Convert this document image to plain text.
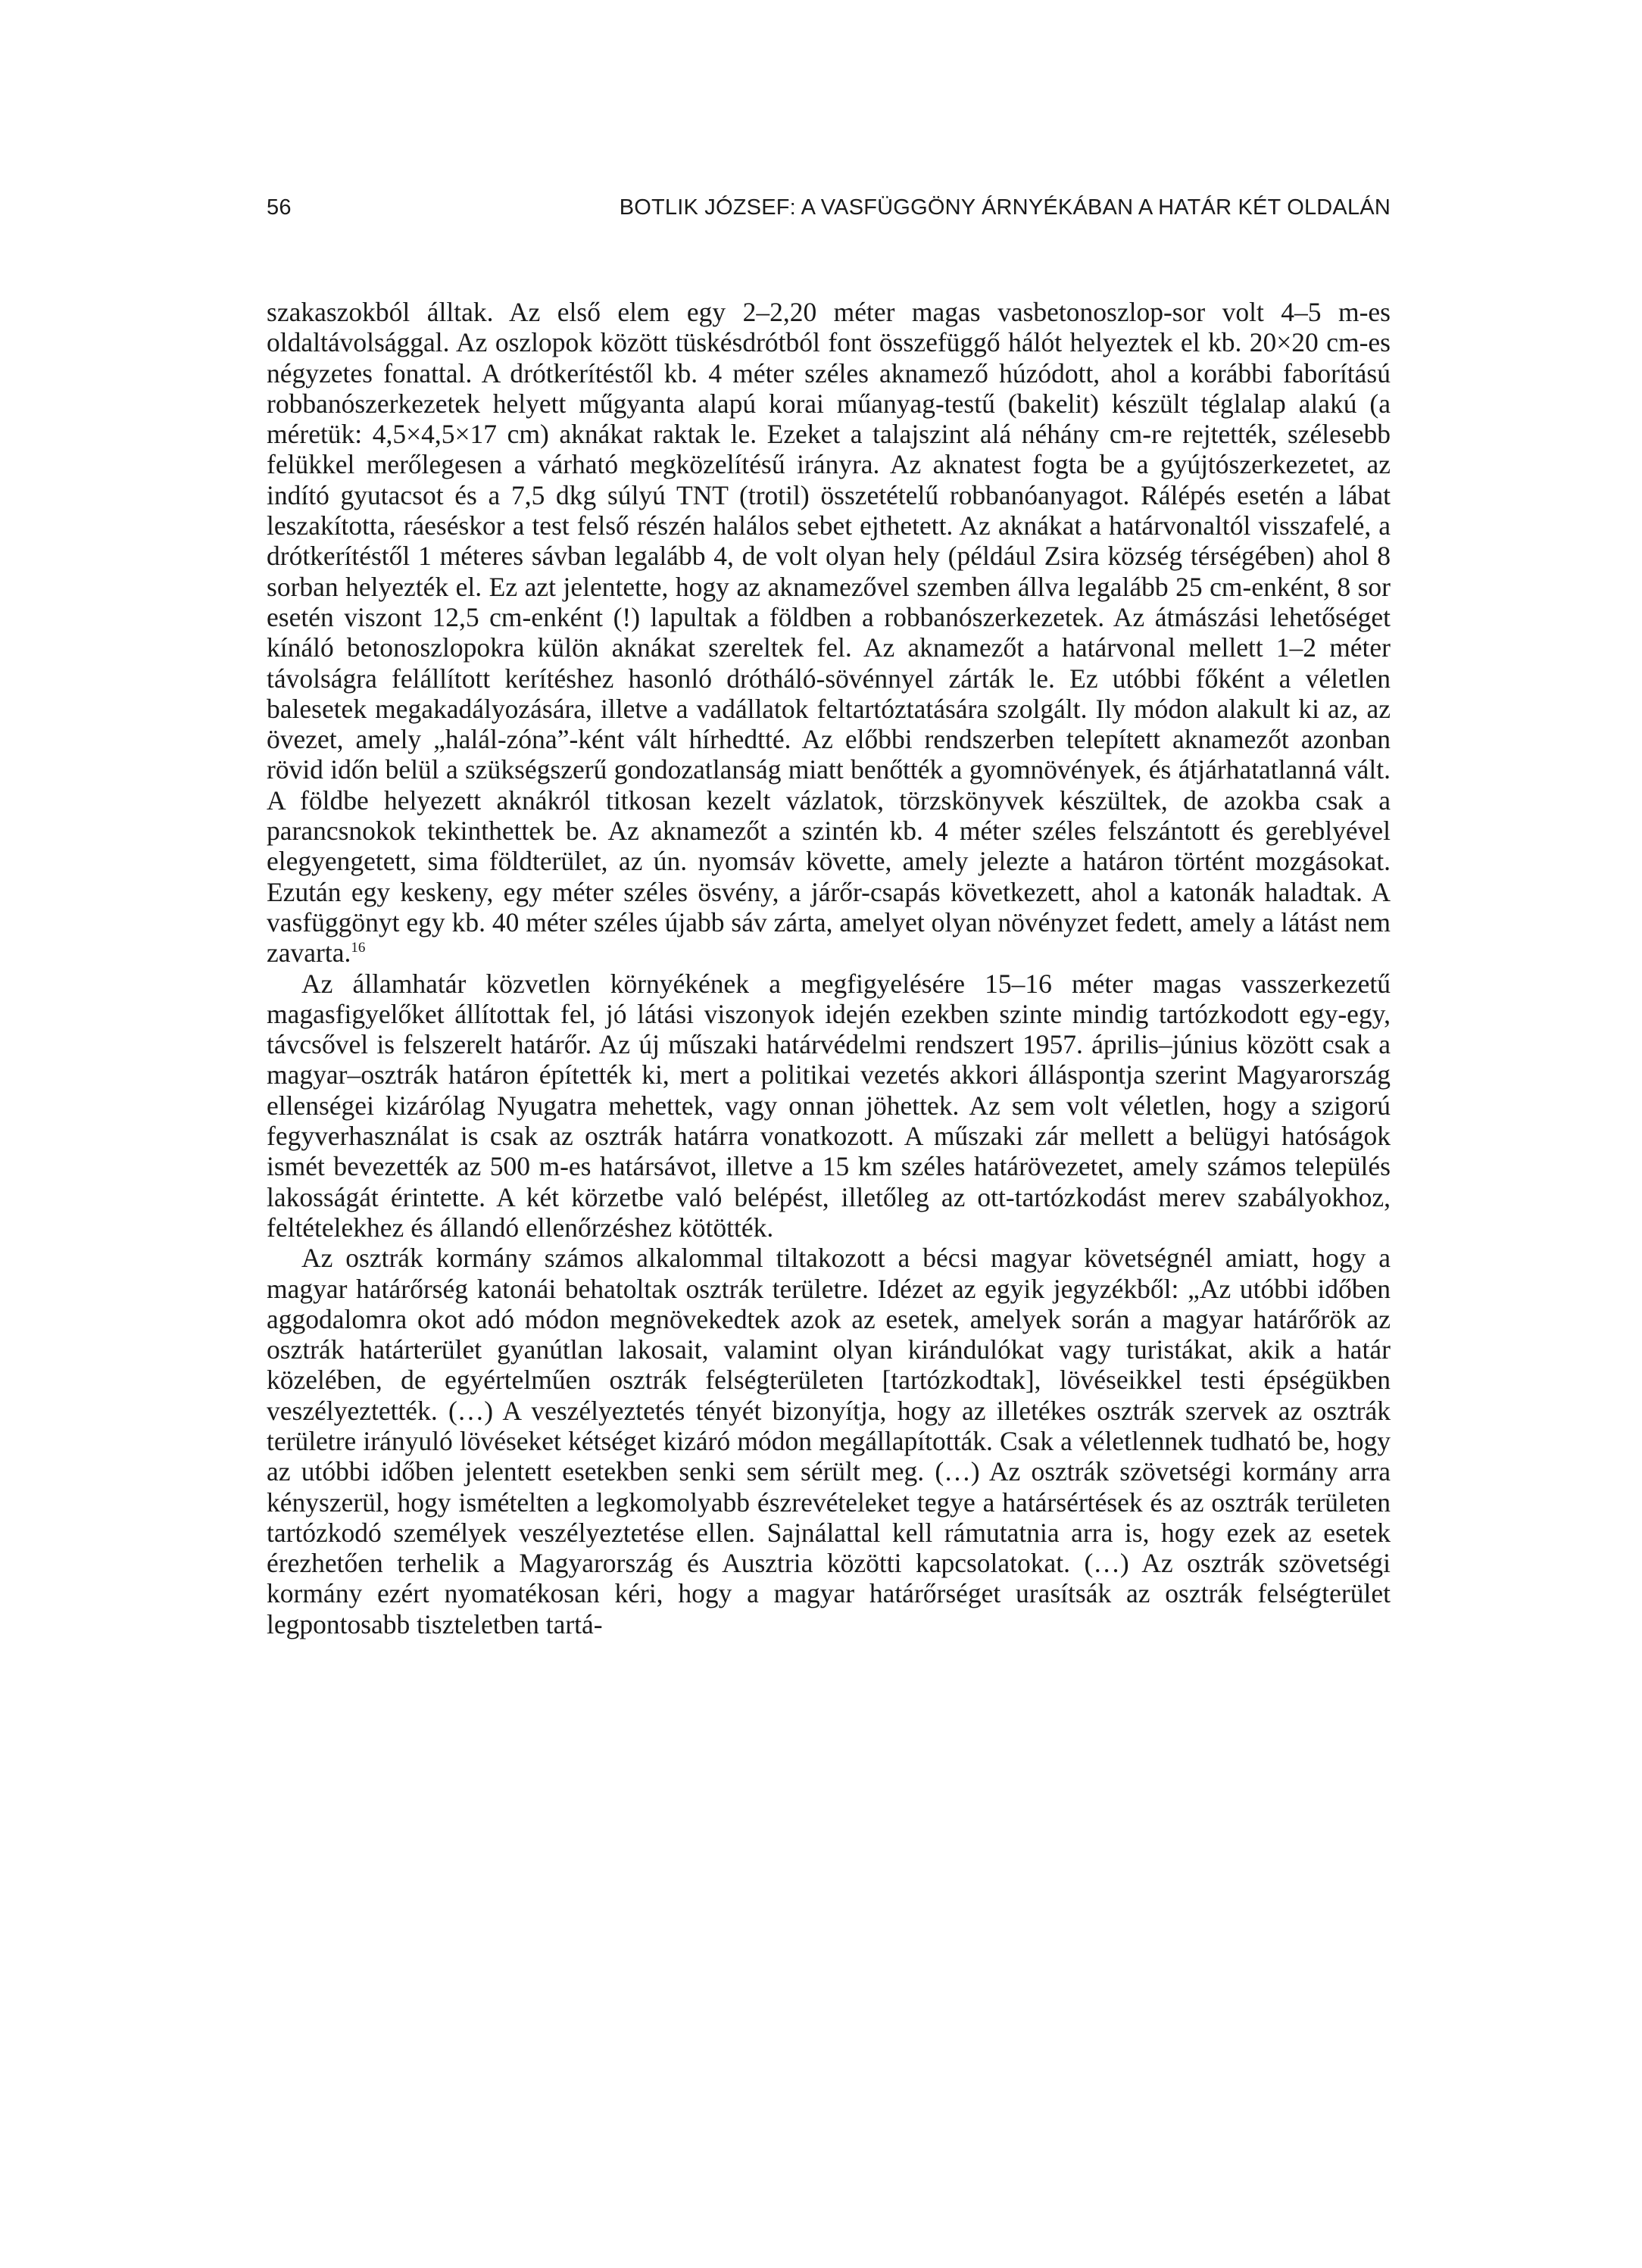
56	BOTLIK JÓZSEF: A VASFÜGGÖNY ÁRNYÉKÁBAN A HATÁR KÉT OLDALÁN

szakaszokból álltak. Az első elem egy 2–2,20 méter magas vasbetonoszlop-sor volt 4–5 m-es oldaltávolsággal. Az oszlopok között tüskésdrótból font összefüggő hálót helyeztek el kb. 20×20 cm-es négyzetes fonattal. A drótkerítéstől kb. 4 méter széles aknamező húzódott, ahol a korábbi faborítású robbanószerkezetek helyett műgyanta alapú korai műanyag-testű (bakelit) készült téglalap alakú (a méretük: 4,5×4,5×17 cm) aknákat raktak le. Ezeket a talajszint alá néhány cm-re rejtették, szélesebb felükkel merőlegesen a várható megközelítésű irányra. Az aknatest fogta be a gyújtószerkezetet, az indító gyutacsot és a 7,5 dkg súlyú TNT (trotil) összetételű robbanóanyagot. Rálépés esetén a lábat leszakította, ráeséskor a test felső részén halálos sebet ejthetett. Az aknákat a határvonaltól visszafelé, a drótkerítéstől 1 méteres sávban legalább 4, de volt olyan hely (például Zsira község térségében) ahol 8 sorban helyezték el. Ez azt jelentette, hogy az aknamezővel szemben állva legalább 25 cm-enként, 8 sor esetén viszont 12,5 cm-enként (!) lapultak a földben a robbanószerkezetek. Az átmászási lehetőséget kínáló betonoszlopokra külön aknákat szereltek fel. Az aknamezőt a határvonal mellett 1–2 méter távolságra felállított kerítéshez hasonló drótháló-sövénnyel zárták le. Ez utóbbi főként a véletlen balesetek megakadályozására, illetve a vadállatok feltartóztatására szolgált. Ily módon alakult ki az, az övezet, amely „halál-zóna”-ként vált hírhedtté. Az előbbi rendszerben telepített aknamezőt azonban rövid időn belül a szükségszerű gondozatlanság miatt benőtték a gyomnövények, és átjárhatatlanná vált. A földbe helyezett aknákról titkosan kezelt vázlatok, törzskönyvek készültek, de azokba csak a parancsnokok tekinthettek be. Az aknamezőt a szintén kb. 4 méter széles felszántott és gereblyével elegyengetett, sima földterület, az ún. nyomsáv követte, amely jelezte a határon történt mozgásokat. Ezután egy keskeny, egy méter széles ösvény, a járőr-csapás következett, ahol a katonák haladtak. A vasfüggönyt egy kb. 40 méter széles újabb sáv zárta, amelyet olyan növényzet fedett, amely a látást nem zavarta.$^{16}$

Az államhatár közvetlen környékének a megfigyelésére 15–16 méter magas vasszerkezetű magasfigyelőket állítottak fel, jó látási viszonyok idején ezekben szinte mindig tartózkodott egy-egy, távcsővel is felszerelt határőr. Az új műszaki határvédelmi rendszert 1957. április–június között csak a magyar–osztrák határon építették ki, mert a politikai vezetés akkori álláspontja szerint Magyarország ellenségei kizárólag Nyugatra mehettek, vagy onnan jöhettek. Az sem volt véletlen, hogy a szigorú fegyverhasználat is csak az osztrák határra vonatkozott. A műszaki zár mellett a belügyi hatóságok ismét bevezették az 500 m-es határsávot, illetve a 15 km széles határövezetet, amely számos település lakosságát érintette. A két körzetbe való belépést, illetőleg az ott-tartózkodást merev szabályokhoz, feltételekhez és állandó ellenőrzéshez kötötték.

Az osztrák kormány számos alkalommal tiltakozott a bécsi magyar követségnél amiatt, hogy a magyar határőrség katonái behatoltak osztrák területre. Idézet az egyik jegyzékből: „Az utóbbi időben aggodalomra okot adó módon megnövekedtek azok az esetek, amelyek során a magyar határőrök az osztrák határterület gyanútlan lakosait, valamint olyan kirándulókat vagy turistákat, akik a határ közelében, de egyértelműen osztrák felségterületen [tartózkodtak], lövéseikkel testi épségükben veszélyeztették. (…) A veszélyeztetés tényét bizonyítja, hogy az illetékes osztrák szervek az osztrák területre irányuló lövéseket kétséget kizáró módon megállapították. Csak a véletlennek tudható be, hogy az utóbbi időben jelentett esetekben senki sem sérült meg. (…) Az osztrák szövetségi kormány arra kényszerül, hogy ismételten a legkomolyabb észrevételeket tegye a határsértések és az osztrák területen tartózkodó személyek veszélyeztetése ellen. Sajnálattal kell rámutatnia arra is, hogy ezek az esetek érezhetően terhelik a Magyarország és Ausztria közötti kapcsolatokat. (…) Az osztrák szövetségi kormány ezért nyomatékosan kéri, hogy a magyar határőrséget urasítsák az osztrák felségterület legpontosabb tiszteletben tartá-
